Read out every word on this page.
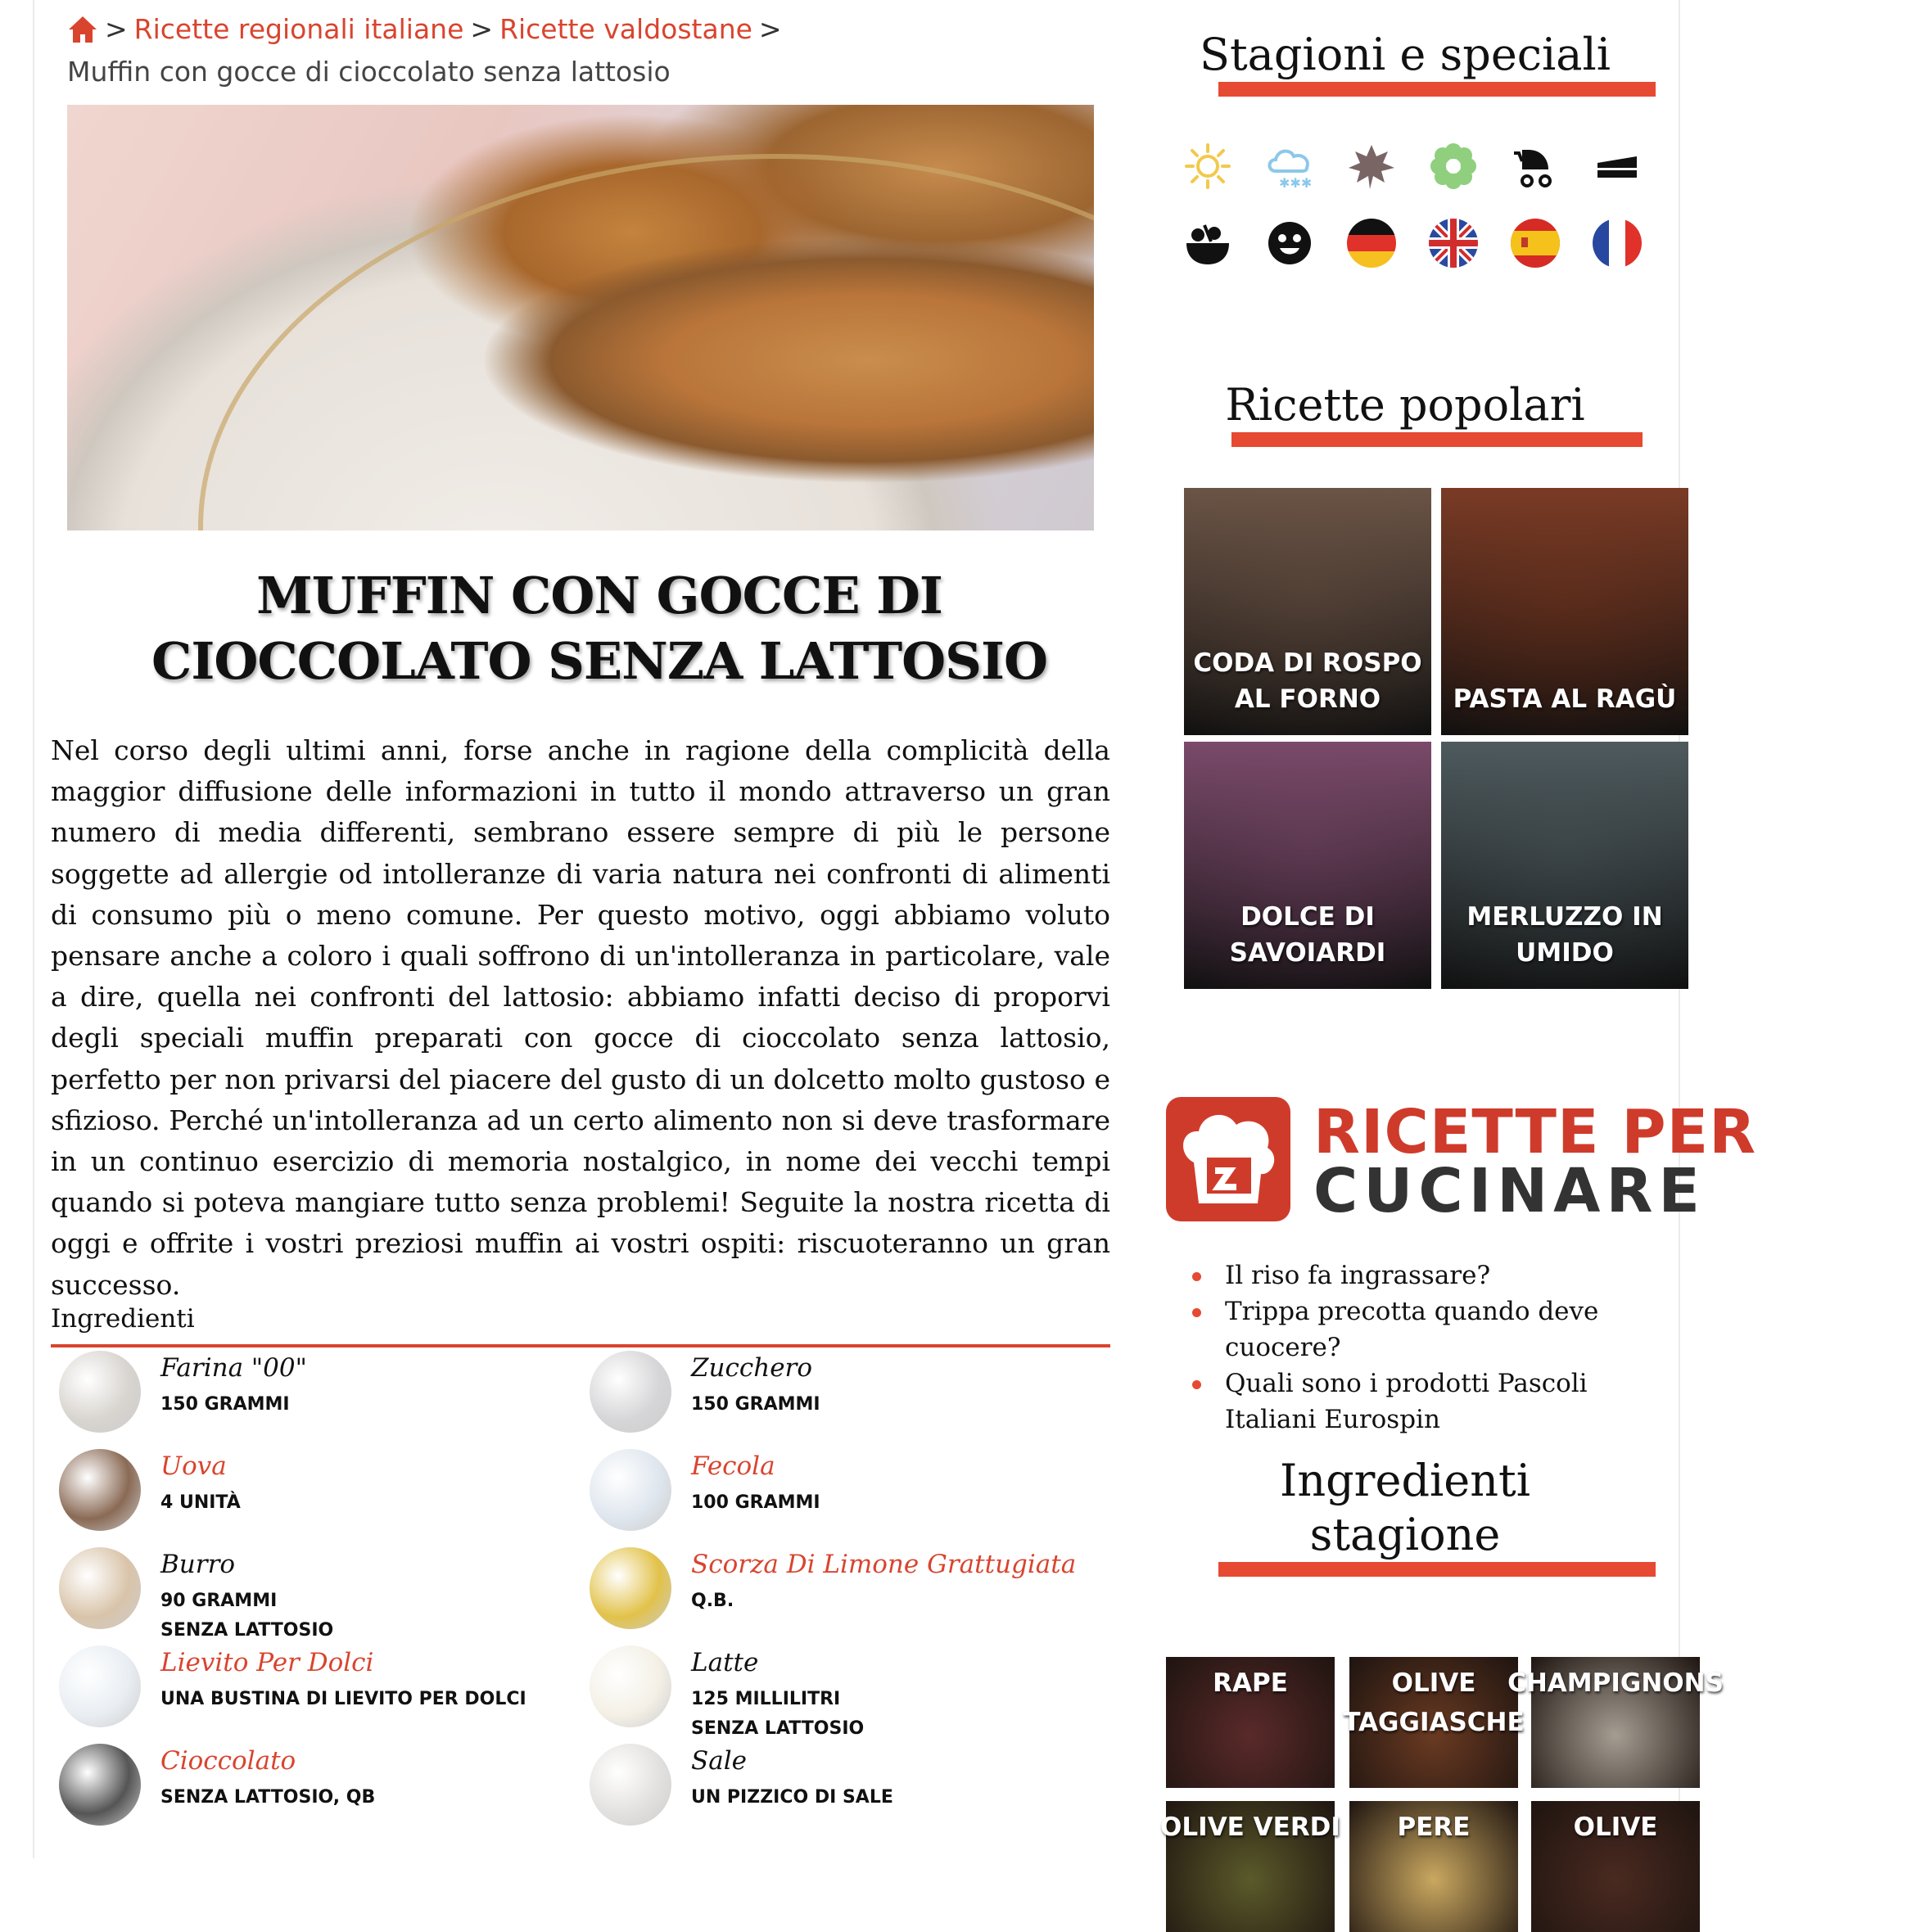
> Ricette regionali italiane > Ricette valdostane >
Muffin con gocce di cioccolato senza lattosio
MUFFIN CON GOCCE DI CIOCCOLATO SENZA LATTOSIO

Nel corso degli ultimi anni, forse anche in ragione della complicità della maggior diffusione delle informazioni in tutto il mondo attraverso un gran numero di media differenti, sembrano essere sempre di più le persone soggette ad allergie od intolleranze di varia natura nei confronti di alimenti di consumo più o meno comune. Per questo motivo, oggi abbiamo voluto pensare anche a coloro i quali soffrono di un'intolleranza in particolare, vale a dire, quella nei confronti del lattosio: abbiamo infatti deciso di proporvi degli speciali muffin preparati con gocce di cioccolato senza lattosio, perfetto per non privarsi del piacere del gusto di un dolcetto molto gustoso e sfizioso. Perché un'intolleranza ad un certo alimento non si deve trasformare in un continuo esercizio di memoria nostalgico, in nome dei vecchi tempi quando si poteva mangiare tutto senza problemi! Seguite la nostra ricetta di oggi e offrite i vostri preziosi muffin ai vostri ospiti: riscuoteranno un gran successo.

Ingredienti
Farina "00"
150 GRAMMI
Zucchero
150 GRAMMI
Uova
4 UNITÀ
Fecola
100 GRAMMI
Burro
90 GRAMMI
SENZA LATTOSIO
Scorza Di Limone Grattugiata
Q.B.
Lievito Per Dolci
UNA BUSTINA DI LIEVITO PER DOLCI
Latte
125 MILLILITRI
SENZA LATTOSIO
Cioccolato
SENZA LATTOSIO, QB
Sale
UN PIZZICO DI SALE
Stagioni e speciali
✱✱✱
Ricette popolari
CODA DI ROSPO AL FORNO	PASTA AL RAGÙ
DOLCE DI SAVOIARDI
MERLUZZO IN UMIDO
RICETTE PER
CUCINARE
Il riso fa ingrassare?
Trippa precotta quando deve cuocere?
Quali sono i prodotti Pascoli Italiani Eurospin
Ingredienti stagione
RAPE	OLIVE TAGGIASCHE
CHAMPIGNONS
OLIVE VERDI PERE	OLIVE
